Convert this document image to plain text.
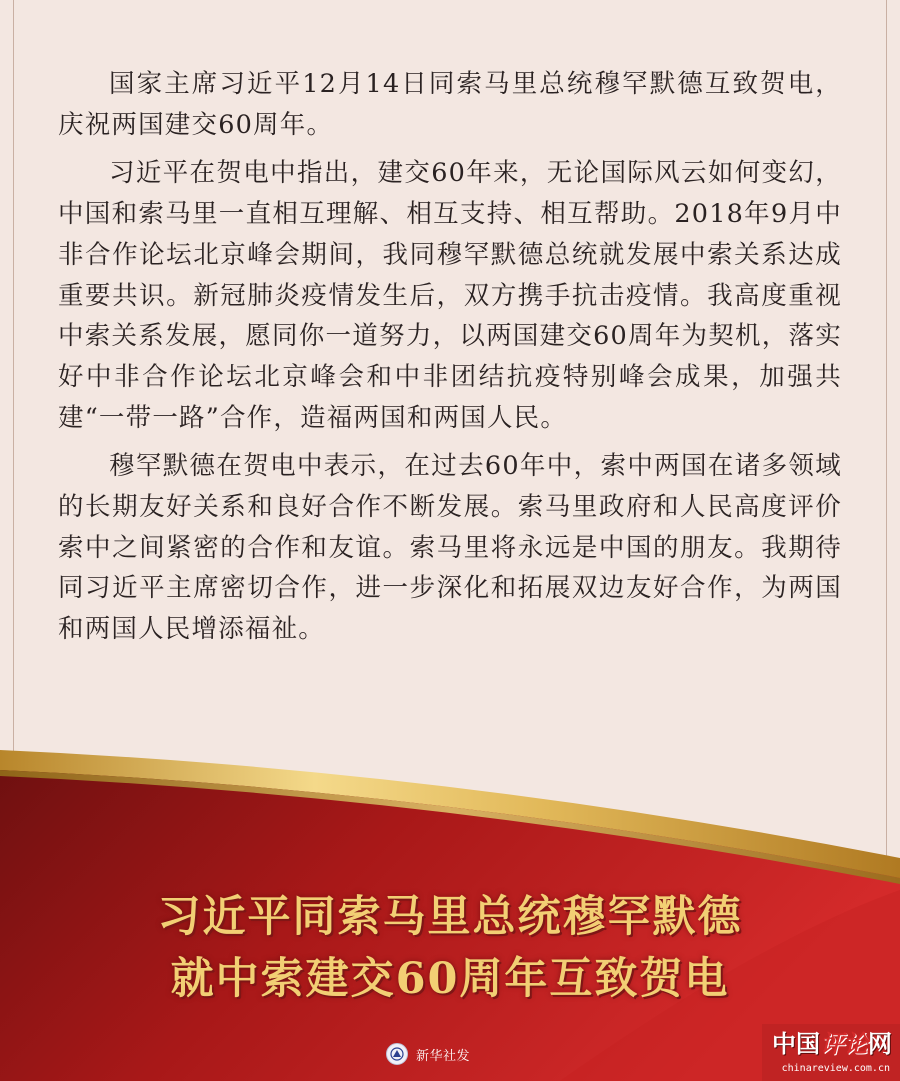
国家主席习近平12月14日同索马里总统穆罕默德互致贺电，庆祝两国建交60周年。

习近平在贺电中指出，建交60年来，无论国际风云如何变幻，中国和索马里一直相互理解、相互支持、相互帮助。2018年9月中非合作论坛北京峰会期间，我同穆罕默德总统就发展中索关系达成重要共识。新冠肺炎疫情发生后，双方携手抗击疫情。我高度重视中索关系发展，愿同你一道努力，以两国建交60周年为契机，落实好中非合作论坛北京峰会和中非团结抗疫特别峰会成果，加强共建“一带一路”合作，造福两国和两国人民。

穆罕默德在贺电中表示，在过去60年中，索中两国在诸多领域的长期友好关系和良好合作不断发展。索马里政府和人民高度评价索中之间紧密的合作和友谊。索马里将永远是中国的朋友。我期待同习近平主席密切合作，进一步深化和拓展双边友好合作，为两国和两国人民增添福祉。

习近平同索马里总统穆罕默德
就中索建交60周年互致贺电
新华社发	中国评论网
chinareview.com.cn
